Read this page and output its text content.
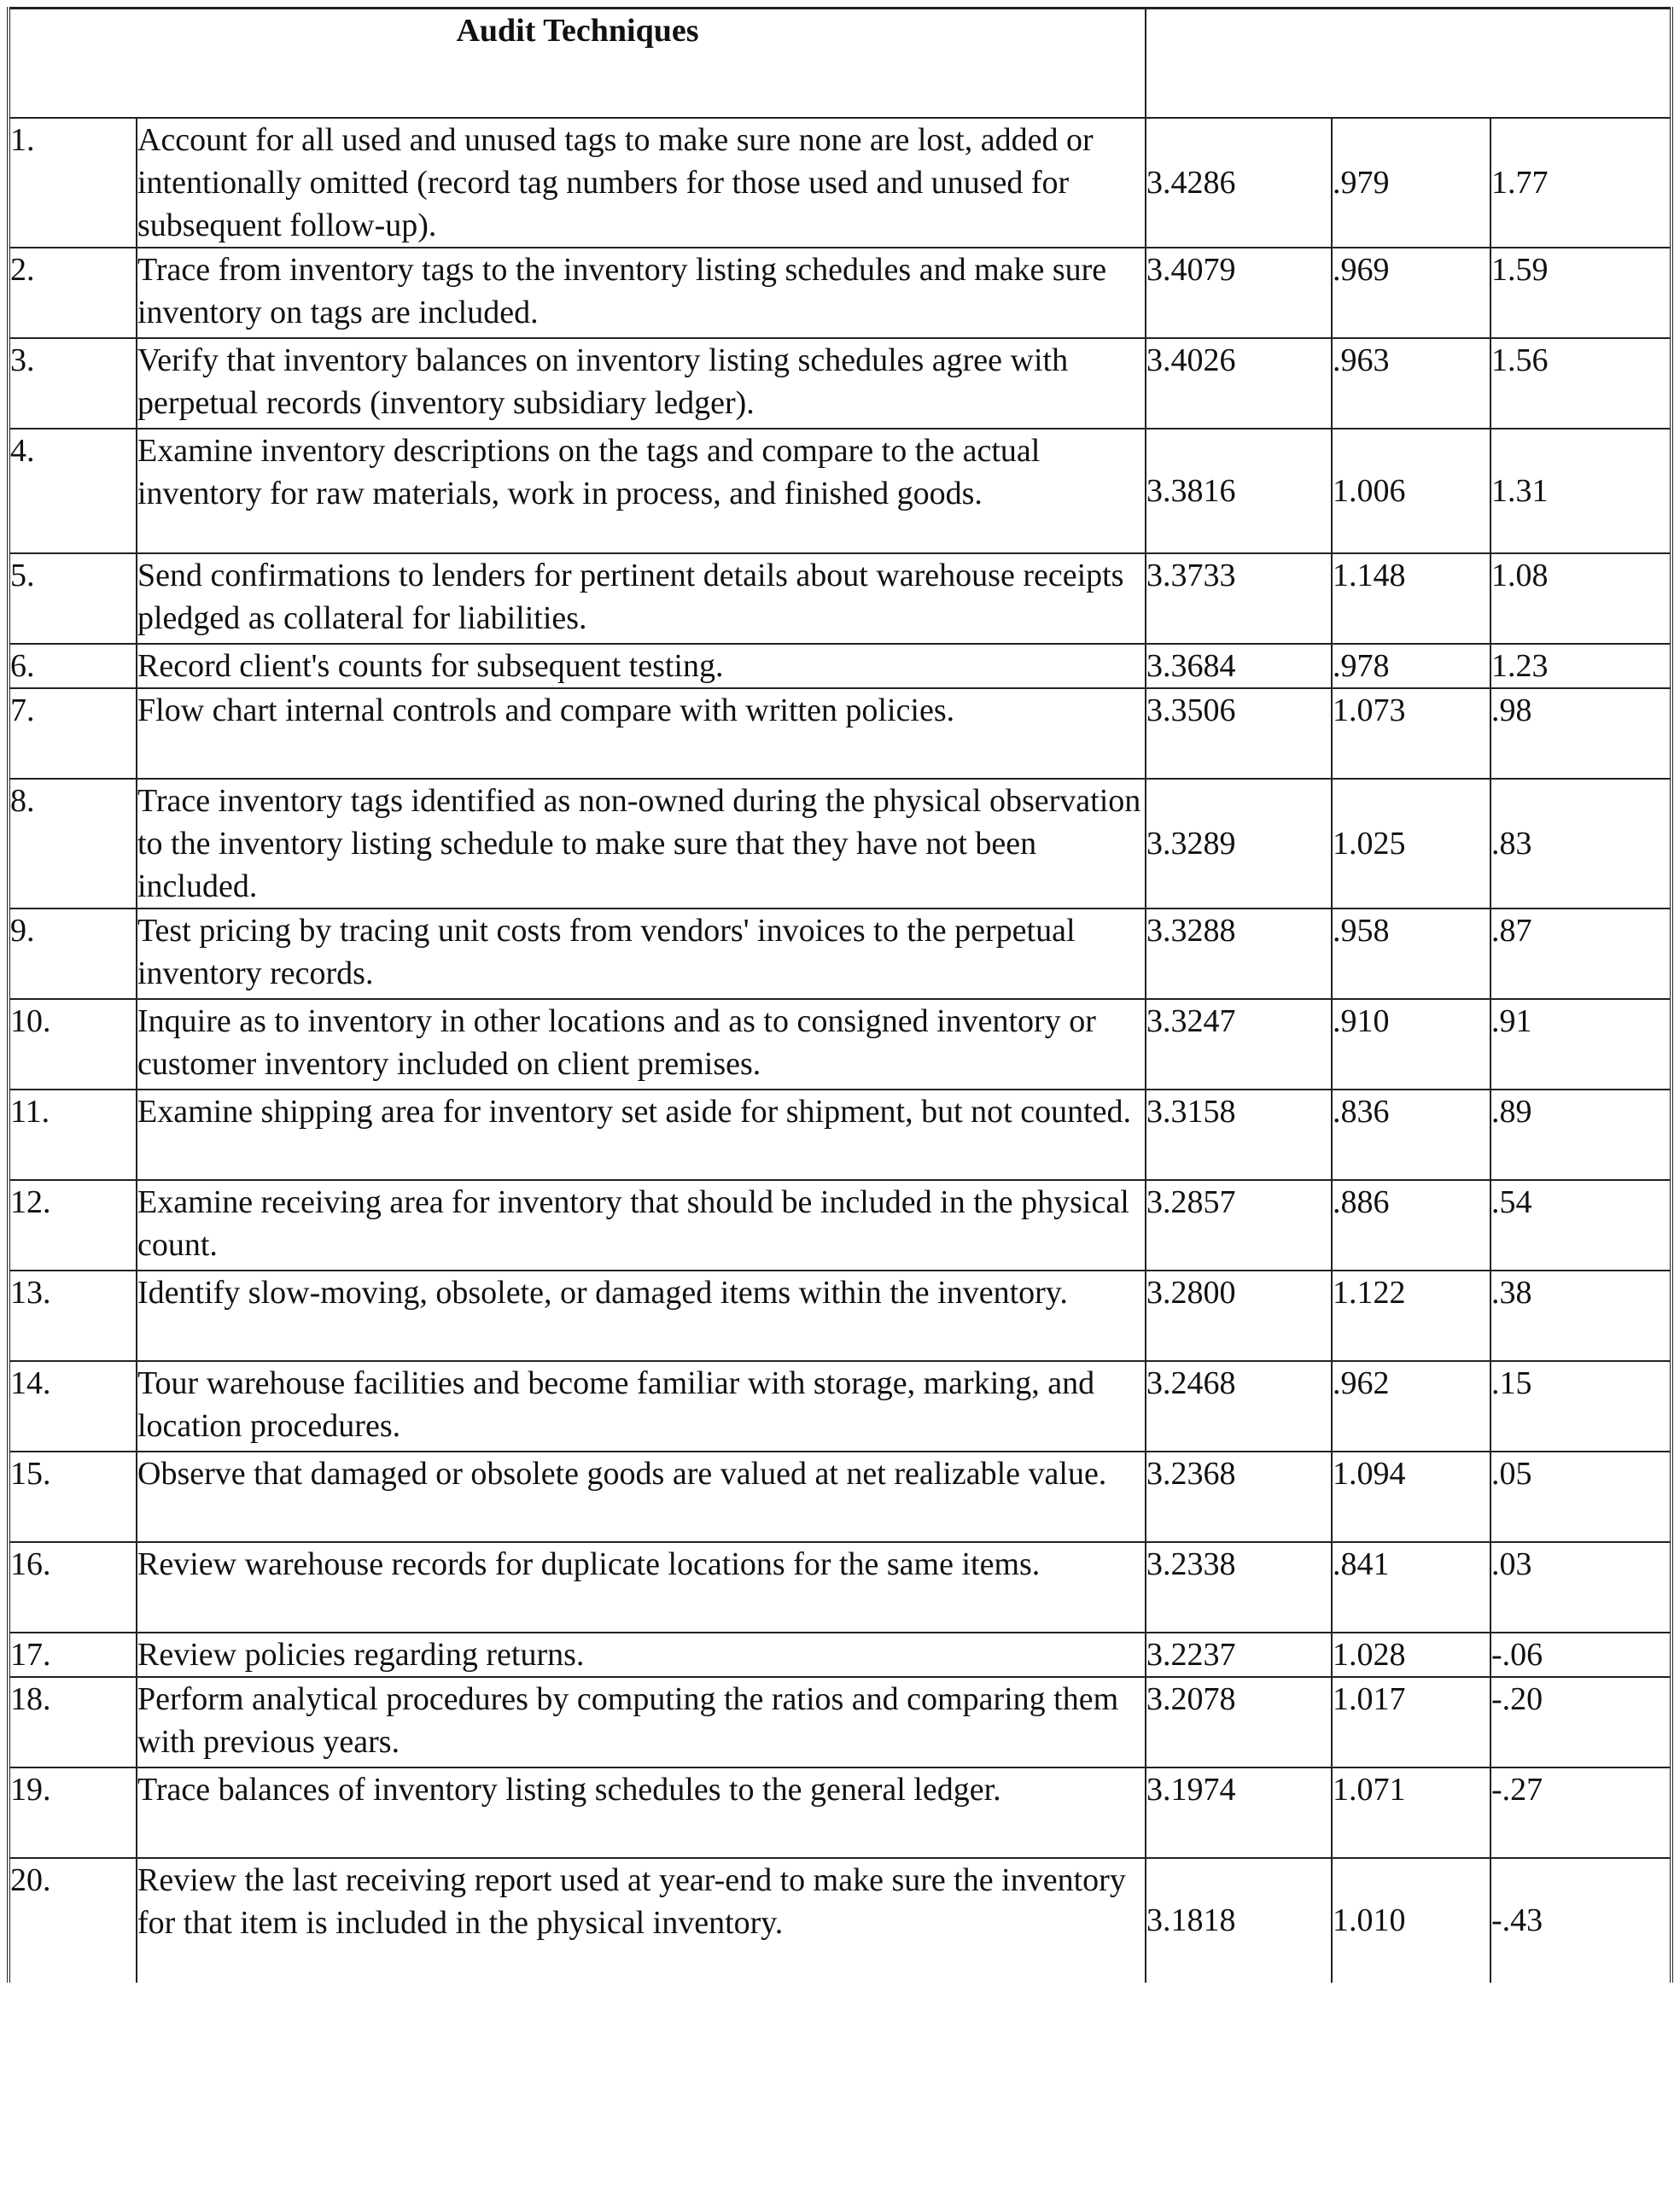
Audit Techniques				
1.	Account for all used and unused tags to make sure none are lost, added or intentionally omitted (record tag numbers for those used and unused for subsequent follow-up).	3.4286	.979	1.77
2.	Trace from inventory tags to the inventory listing schedules and make sure inventory on tags are included.	3.4079	.969	1.59
3.	Verify that inventory balances on inventory listing schedules agree with perpetual records (inventory subsidiary ledger).	3.4026	.963	1.56
4.	Examine inventory descriptions on the tags and compare to the actual inventory for raw materials, work in process, and finished goods.	3.3816	1.006	1.31
5.	Send confirmations to lenders for pertinent details about warehouse receipts pledged as collateral for liabilities.	3.3733	1.148	1.08
6.	Record client's counts for subsequent testing.	3.3684	.978	1.23
7.	Flow chart internal controls and compare with written policies.	3.3506	1.073	.98
8.	Trace inventory tags identified as non-owned during the physical observation to the inventory listing schedule to make sure that they have not been included.	3.3289	1.025	.83
9.	Test pricing by tracing unit costs from vendors' invoices to the perpetual inventory records.	3.3288	.958	.87
10.	Inquire as to inventory in other locations and as to consigned inventory or customer inventory included on client premises.	3.3247	.910	.91
11.	Examine shipping area for inventory set aside for shipment, but not counted.	3.3158	.836	.89
12.	Examine receiving area for inventory that should be included in the physical count.	3.2857	.886	.54
13.	Identify slow-moving, obsolete, or damaged items within the inventory.	3.2800	1.122	.38
14.	Tour warehouse facilities and become familiar with storage, marking, and location procedures.	3.2468	.962	.15
15.	Observe that damaged or obsolete goods are valued at net realizable value.	3.2368	1.094	.05
16.	Review warehouse records for duplicate locations for the same items.	3.2338	.841	.03
17.	Review policies regarding returns.	3.2237	1.028	-.06
18.	Perform analytical procedures by computing the ratios and comparing them with previous years.	3.2078	1.017	-.20
19.	Trace balances of inventory listing schedules to the general ledger.	3.1974	1.071	-.27
20.	Review the last receiving report used at year-end to make sure the inventory for that item is included in the physical inventory.	3.1818	1.010	-.43
